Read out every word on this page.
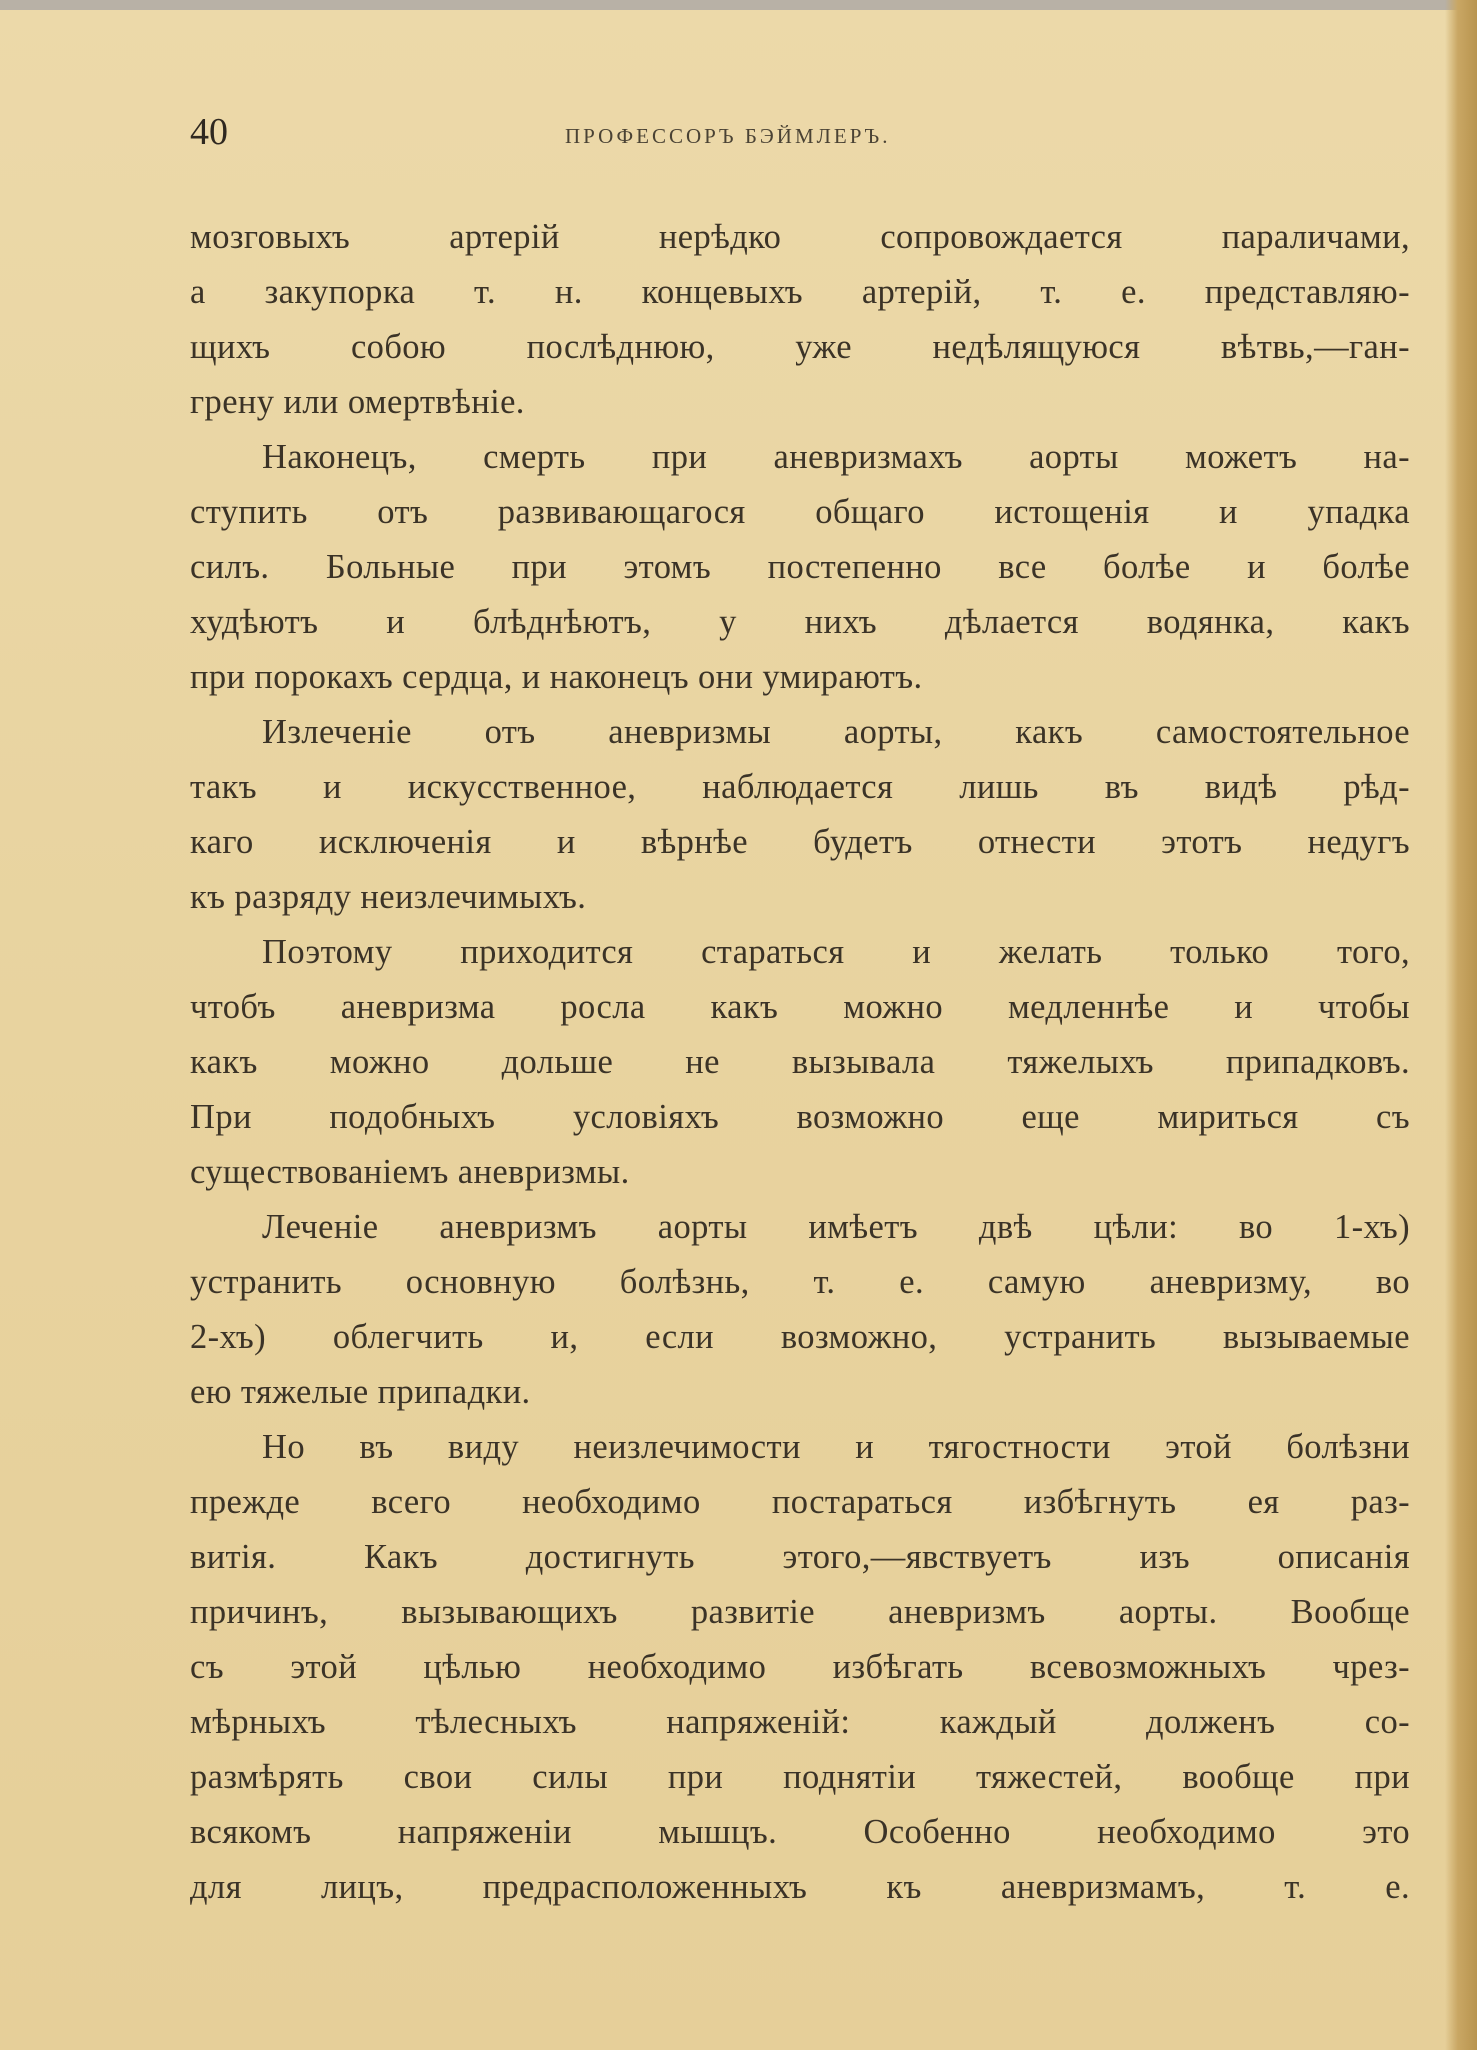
40	ПРОФЕССОРЪ БЭЙМЛЕРЪ.
мозговыхъ артерій нерѣдко сопровождается параличами,
а закупорка т. н. концевыхъ артерій, т. е. представляю-
щихъ собою послѣднюю, уже недѣлящуюся вѣтвь,—ган-
грену или омертвѣніе.
Наконецъ, смерть при аневризмахъ аорты можетъ на-
ступить отъ развивающагося общаго истощенія и упадка
силъ. Больные при этомъ постепенно все болѣе и болѣе
худѣютъ и блѣднѣютъ, у нихъ дѣлается водянка, какъ
при порокахъ сердца, и наконецъ они умираютъ.
Излеченіе отъ аневризмы аорты, какъ самостоятельное
такъ и искусственное, наблюдается лишь въ видѣ рѣд-
каго исключенія и вѣрнѣе будетъ отнести этотъ недугъ
къ разряду неизлечимыхъ.
Поэтому приходится стараться и желать только того,
чтобъ аневризма росла какъ можно медленнѣе и чтобы
какъ можно дольше не вызывала тяжелыхъ припадковъ.
При подобныхъ условіяхъ возможно еще мириться съ
существованіемъ аневризмы.
Леченіе аневризмъ аорты имѣетъ двѣ цѣли: во 1-хъ)
устранить основную болѣзнь, т. е. самую аневризму, во
2-хъ) облегчить и, если возможно, устранить вызываемые
ею тяжелые припадки.
Но въ виду неизлечимости и тягостности этой болѣзни
прежде всего необходимо постараться избѣгнуть ея раз-
витія. Какъ достигнуть этого,—явствуетъ изъ описанія
причинъ, вызывающихъ развитіе аневризмъ аорты. Вообще
съ этой цѣлью необходимо избѣгать всевозможныхъ чрез-
мѣрныхъ тѣлесныхъ напряженій: каждый долженъ со-
размѣрять свои силы при поднятіи тяжестей, вообще при
всякомъ напряженіи мышцъ. Особенно необходимо это
для лицъ, предрасположенныхъ къ аневризмамъ, т. е.
